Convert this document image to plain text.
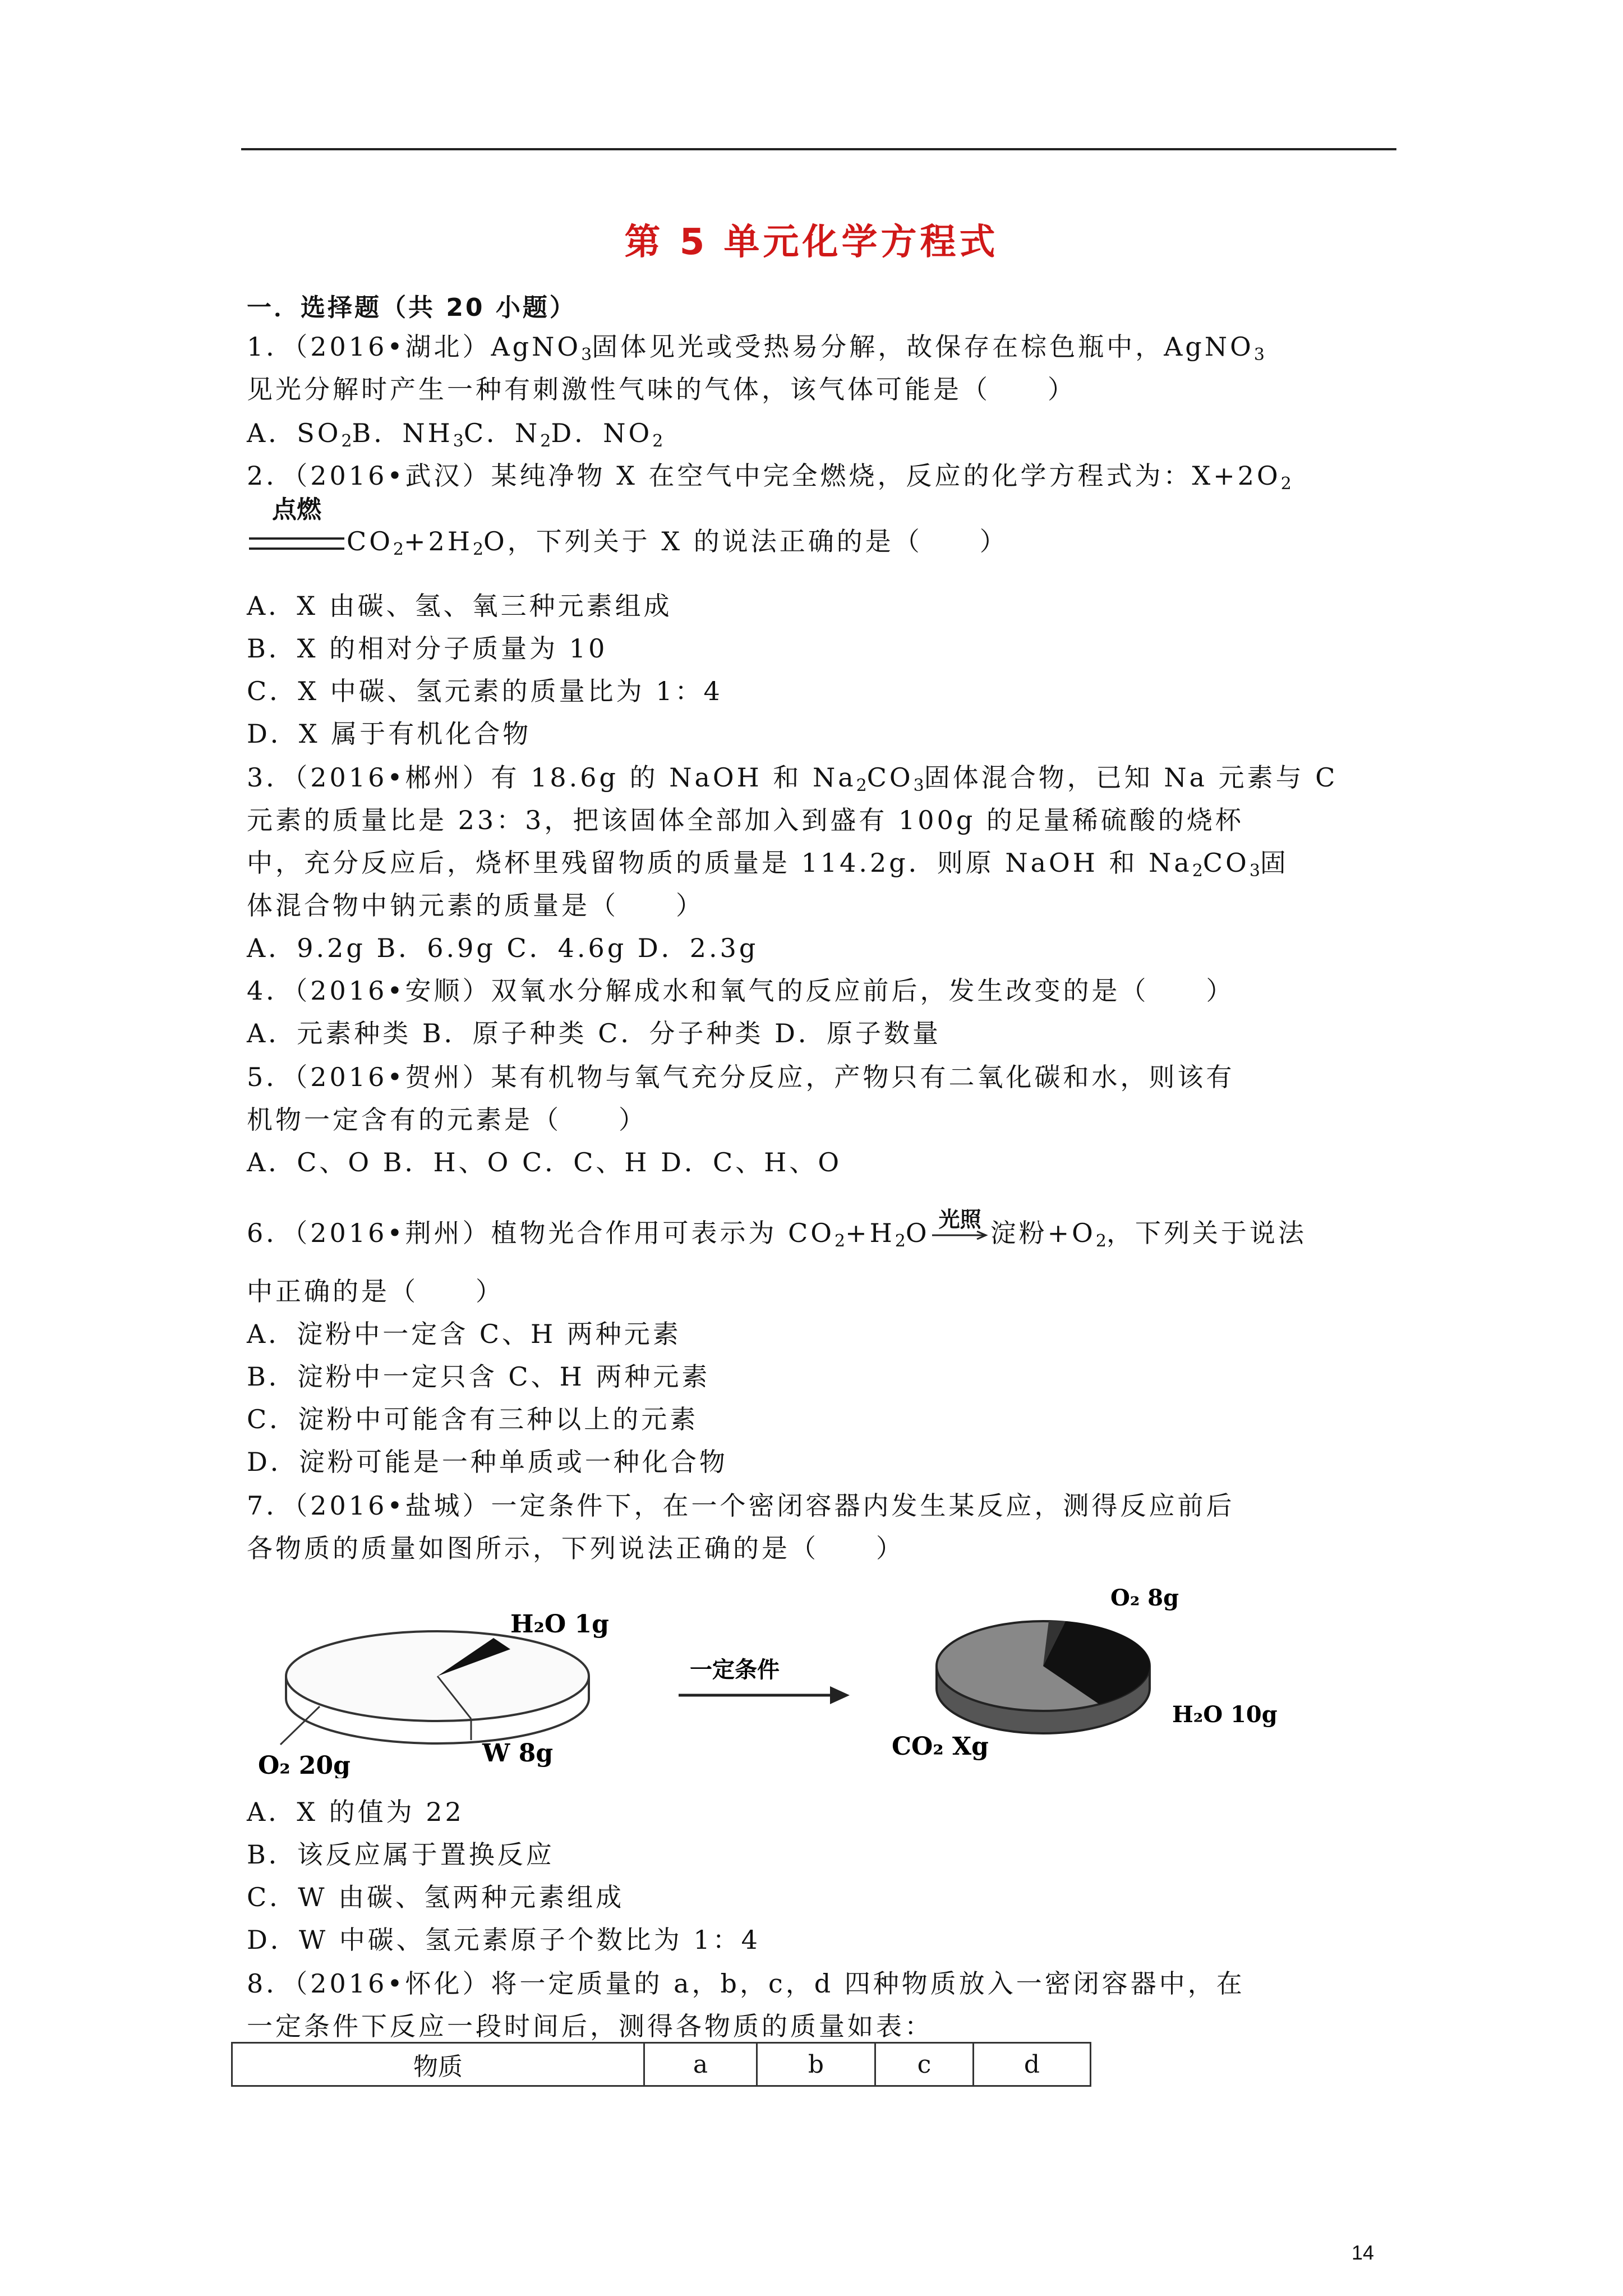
第 5 单元化学方程式
一．选择题（共 20 小题）
1．（2016•湖北）AgNO$_3$固体见光或受热易分解，故保存在棕色瓶中，AgNO$_3$
见光分解时产生一种有刺激性气味的气体，该气体可能是（　　）
A．$SO_2B$．$NH_3C$．$N_2D$．$NO_2$
2．（2016•武汉）某纯净物 X 在空气中完全燃烧，反应的化学方程式为：$X+2O_2$
点燃
$CO_2+2H_2O$，下列关于 X 的说法正确的是（　　）
A．X 由碳、氢、氧三种元素组成
B．X 的相对分子质量为 10
C．X 中碳、氢元素的质量比为 1：4
D．X 属于有机化合物
3．（2016•郴州）有 18.6g 的 NaOH 和 $Na_2CO_3$固体混合物，已知 Na 元素与 C
元素的质量比是 23：3，把该固体全部加入到盛有 100g 的足量稀硫酸的烧杯
中，充分反应后，烧杯里残留物质的质量是 114.2g．则原 NaOH 和 $Na_2CO_3$固
体混合物中钠元素的质量是（　　）
A．9.2g B．6.9g C．4.6g D．2.3g
4．（2016•安顺）双氧水分解成水和氧气的反应前后，发生改变的是（　　）
A．元素种类 B．原子种类 C．分子种类 D．原子数量
5．（2016•贺州）某有机物与氧气充分反应，产物只有二氧化碳和水，则该有
机物一定含有的元素是（　　）
A．C、O B．H、O C．C、H D．C、H、O
6．（2016•荆州）植物光合作用可表示为 $CO_2+H_2O$ 光照 淀粉$+O_2$，下列关于说法
中正确的是（　　）
A．淀粉中一定含 C、H 两种元素
B．淀粉中一定只含 C、H 两种元素
C．淀粉中可能含有三种以上的元素
D．淀粉可能是一种单质或一种化合物
7．（2016•盐城）一定条件下，在一个密闭容器内发生某反应，测得反应前后
各物质的质量如图所示，下列说法正确的是（　　）
H₂O 1g
W 8g
O₂ 20g
一定条件
O₂ 8g
H₂O 10g
CO₂ Xg
A．X 的值为 22
B．该反应属于置换反应
C．W 由碳、氢两种元素组成
D．W 中碳、氢元素原子个数比为 1：4
8．（2016•怀化）将一定质量的 a，b，c，d 四种物质放入一密闭容器中，在
一定条件下反应一段时间后，测得各物质的质量如表：
物质	a	b	c	d
14
